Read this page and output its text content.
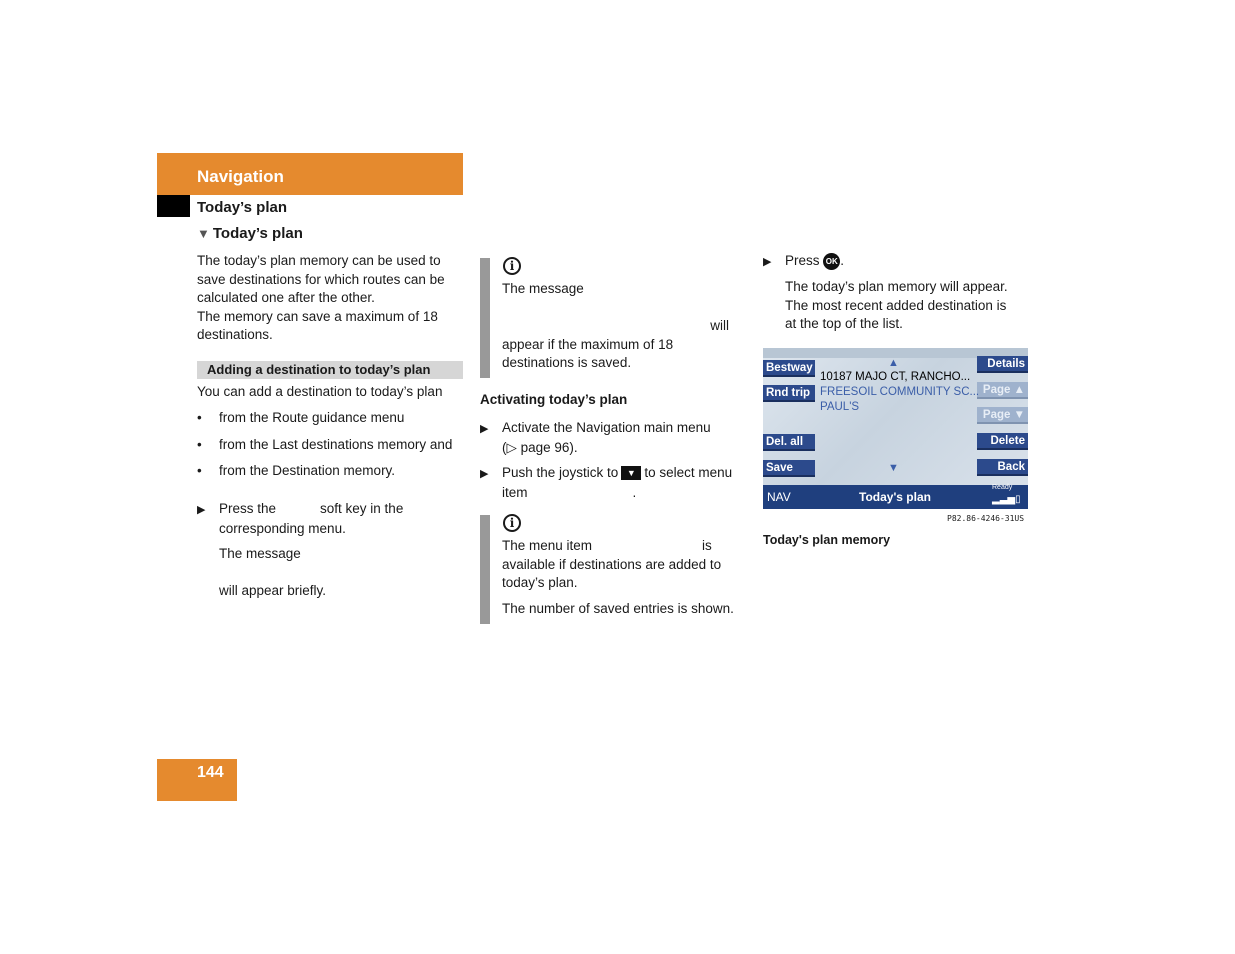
Navigation
Today’s plan
▼ Today’s plan

The today’s plan memory can be used to

save destinations for which routes can be

calculated one after the other.

The memory can save a maximum of 18

destinations.

Adding a destination to today’s plan
You can add a destination to today’s plan
• from the Route guidance menu
• from the Last destinations memory and
• from the Destination memory.
▶ Press the	soft key in the
corresponding menu.
The message
will appear briefly.
i
The message
will
appear if the maximum of 18
destinations is saved.
Activating today’s plan
▶ Activate the Navigation main menu
(▷ page 96).
▶ Push the joystick to ▼ to select menu
item	.
i
The menu item	is
available if destinations are added to
today’s plan.
The number of saved entries is shown.
▶ Press OK .
The today’s plan memory will appear.
The most recent added destination is
at the top of the list.
Bestway
Rnd trip
Del. all
Save
Details
Page ▲
Page ▼
Delete
Back
▲
10187 MAJO CT, RANCHO...
FREESOIL COMMUNITY SC...
PAUL'S
▼
NAV	Today's plan
Ready
▂▃▅▯
P82.86-4246-31US
Today's plan memory
144
